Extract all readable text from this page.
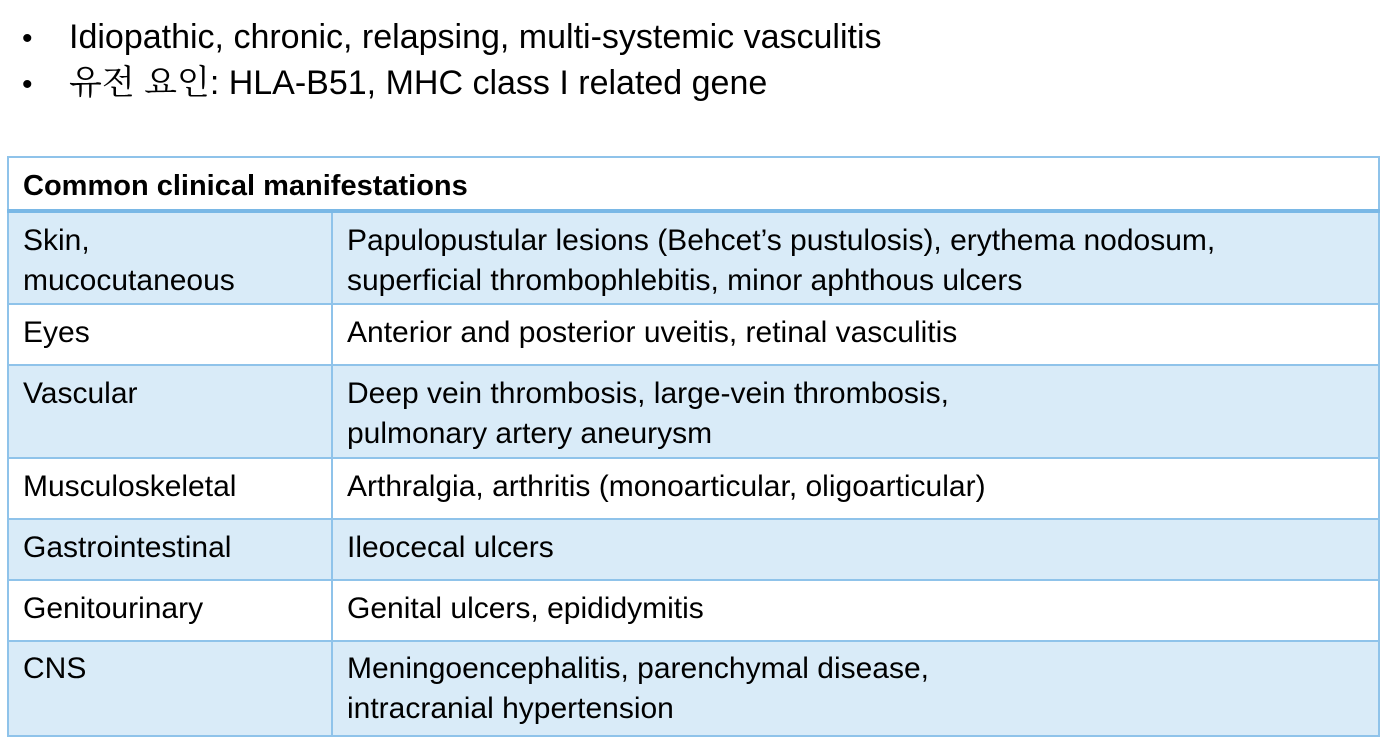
•	Idiopathic, chronic, relapsing, multi-systemic vasculitis
•	유전 요인: HLA-B51, MHC class I related gene
Common clinical manifestations	

Skin,
mucocutaneous	Papulopustular lesions (Behcet’s pustulosis), erythema nodosum,
superficial thrombophlebitis, minor aphthous ulcers

Eyes	Anterior and posterior uveitis, retinal vasculitis

Vascular	Deep vein thrombosis, large-vein thrombosis,
pulmonary artery aneurysm

Musculoskeletal	Arthralgia, arthritis (monoarticular, oligoarticular)

Gastrointestinal	Ileocecal ulcers

Genitourinary	Genital ulcers, epididymitis

CNS	Meningoencephalitis, parenchymal disease,
intracranial hypertension
